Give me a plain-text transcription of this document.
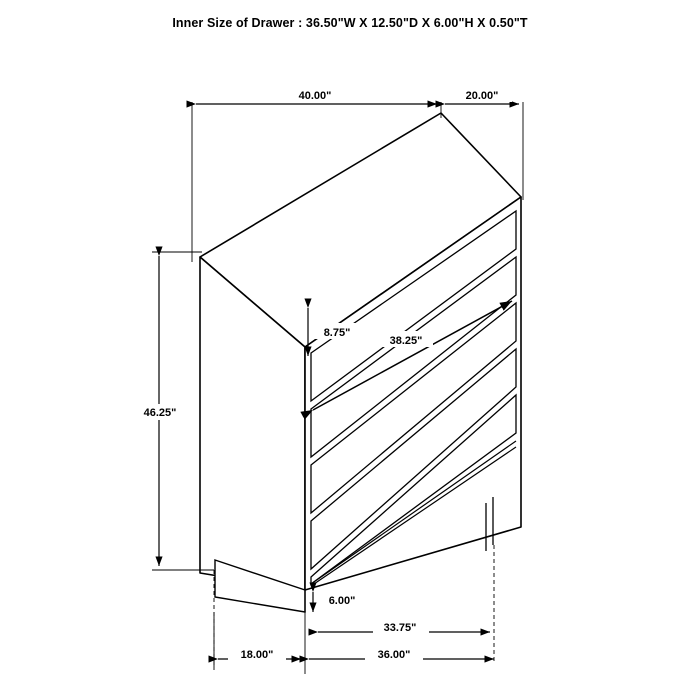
Inner Size of Drawer : 36.50"W X 12.50"D X 6.00"H X 0.50"T
40.00"	20.00"
46.25"
8.75"
38.25"
6.00"
33.75"
36.00"
18.00"
